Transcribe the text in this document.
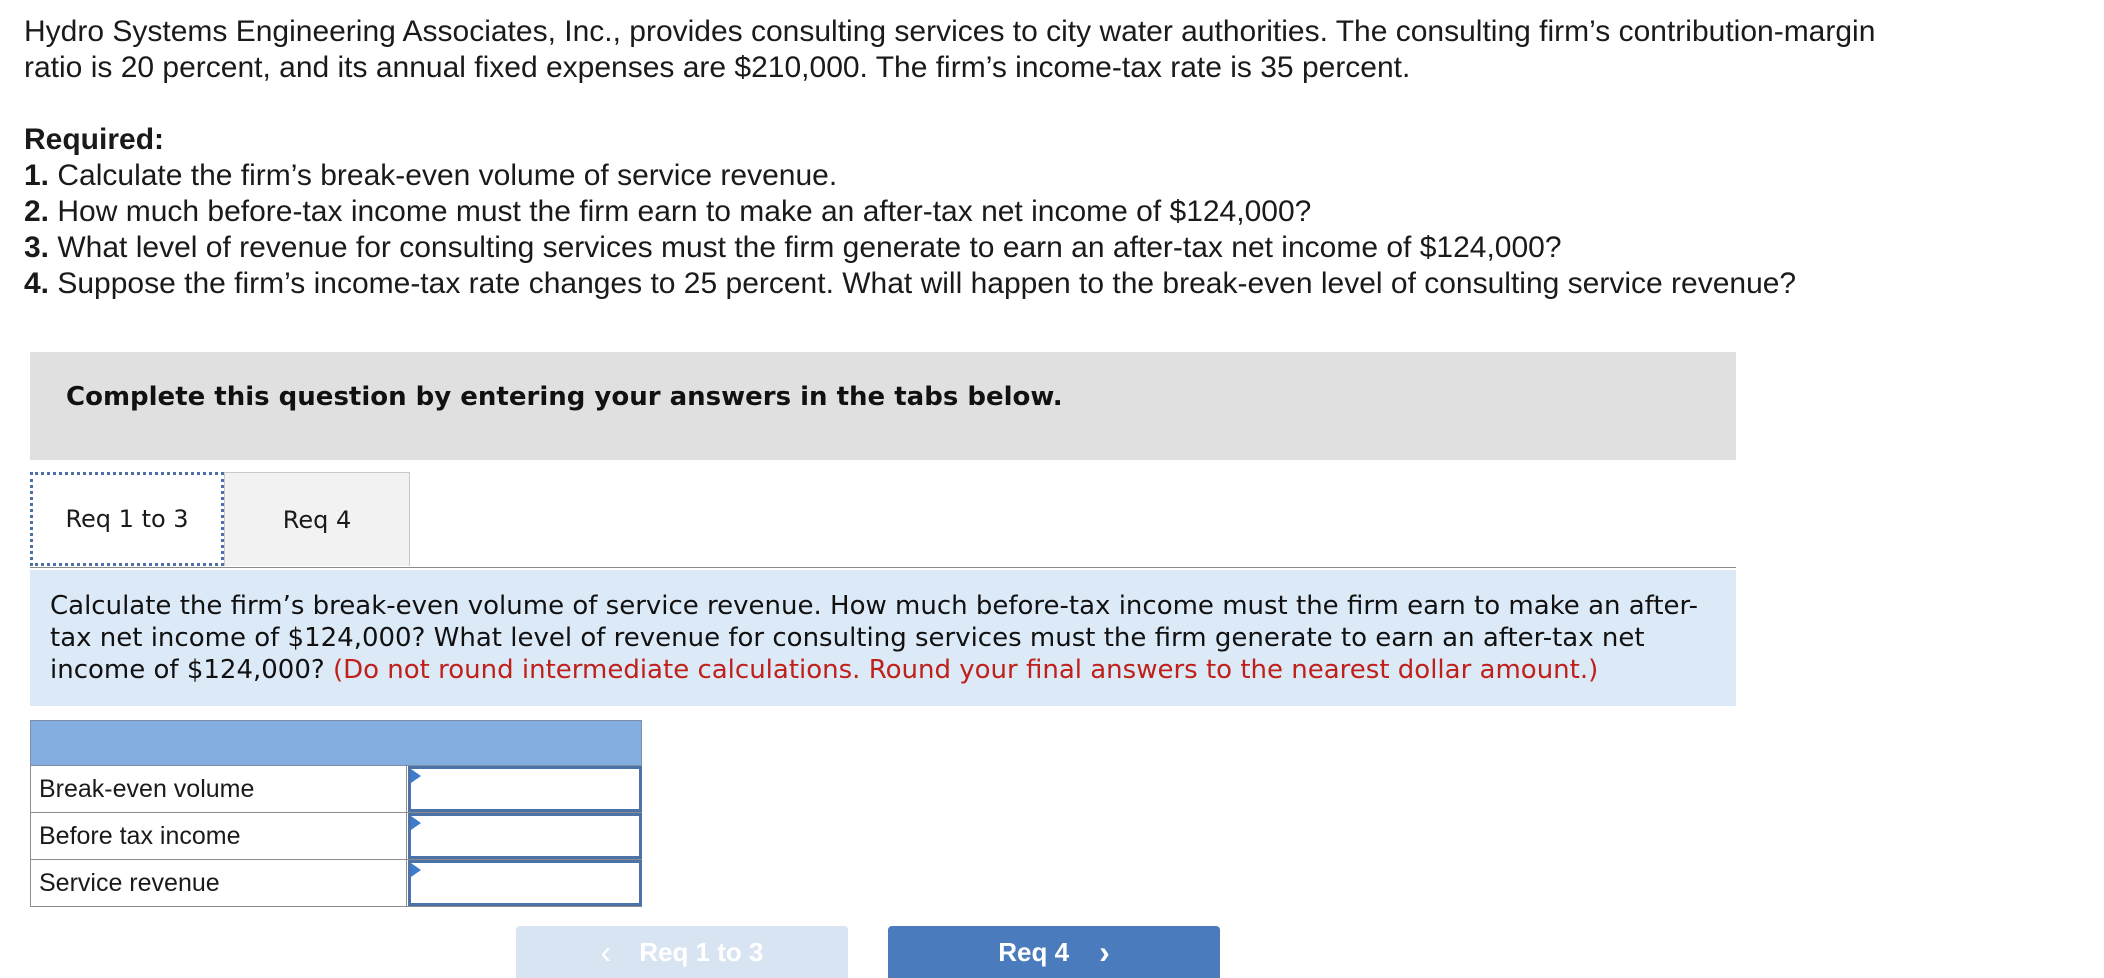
Hydro Systems Engineering Associates, Inc., provides consulting services to city water authorities. The consulting firm’s contribution-margin ratio is 20 percent, and its annual fixed expenses are $210,000. The firm’s income-tax rate is 35 percent.

Required:

1. Calculate the firm’s break-even volume of service revenue.

2. How much before-tax income must the firm earn to make an after-tax net income of $124,000?

3. What level of revenue for consulting services must the firm generate to earn an after-tax net income of $124,000?

4. Suppose the firm’s income-tax rate changes to 25 percent. What will happen to the break-even level of consulting service revenue?

Complete this question by entering your answers in the tabs below.
Req 1 to 3	Req 4
Calculate the firm’s break-even volume of service revenue. How much before-tax income must the firm earn to make an after-tax net income of $124,000? What level of revenue for consulting services must the firm generate to earn an after-tax net income of $124,000? (Do not round intermediate calculations. Round your final answers to the nearest dollar amount.)
Break-even volume
Before tax income
Service revenue
‹ Req 1 to 3	Req 4 ›
